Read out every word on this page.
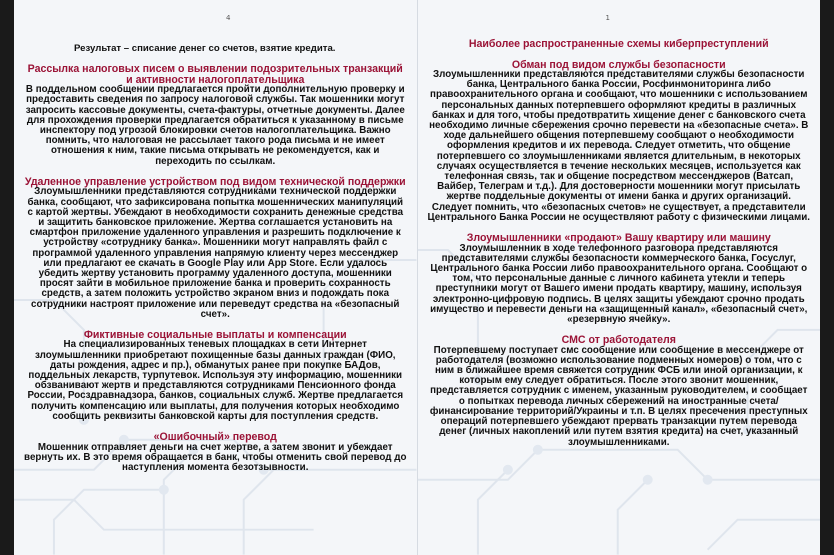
4

Результат – списание денег со счетов, взятие кредита.

Рассылка налоговых писем о выявлении подозрительных транзакций и активности налогоплательщика

В поддельном сообщении предлагается пройти дополнительную проверку и предоставить сведения по запросу налоговой службы. Так мошенники могут запросить кассовые документы, счета-фактуры, отчетные документы. Далее для прохождения проверки предлагается обратиться к указанному в письме инспектору под угрозой блокировки счетов налогоплательщика. Важно помнить, что налоговая не рассылает такого рода письма и не имеет отношения к ним, такие письма открывать не рекомендуется, как и переходить по ссылкам.

Удаленное управление устройством под видом технической поддержки

Злоумышленники представляются сотрудниками технической поддержки банка, сообщают, что зафиксирована попытка мошеннических манипуляций с картой жертвы. Убеждают в необходимости сохранить денежные средства и защитить банковское приложение. Жертва соглашается установить на смартфон приложение удаленного управления и разрешить подключение к устройству «сотруднику банка». Мошенники могут направлять файл с программой удаленного управления напрямую клиенту через мессенджер или предлагают ее скачать в Google Play или App Store. Если удалось убедить жертву установить программу удаленного доступа, мошенники просят зайти в мобильное приложение банка и проверить сохранность средств, а затем положить устройство экраном вниз и подождать пока сотрудники настроят приложение или переведут средства на «безопасный счет».

Фиктивные социальные выплаты и компенсации

На специализированных теневых площадках в сети Интернет злоумышленники приобретают похищенные базы данных граждан (ФИО, даты рождения, адрес и пр.), обманутых ранее при покупке БАДов, поддельных лекарств, турпутевок. Используя эту информацию, мошенники обзванивают жертв и представляются сотрудниками Пенсионного фонда России, Росздравнадзора, банков, социальных служб. Жертве предлагается получить компенсацию или выплаты, для получения которых необходимо сообщить реквизиты банковской карты для поступления средств.

«Ошибочный» перевод

Мошенник отправляет деньги на счет жертве, а затем звонит и убеждает вернуть их. В это время обращается в банк, чтобы отменить свой перевод до наступления момента безотзывности.

1
Наиболее распространенные схемы киберпреступлений
Обман под видом службы безопасности

Злоумышленники представляются представителями службы безопасности банка, Центрального банка России, Росфинмониторинга либо правоохранительного органа и сообщают, что мошенники с использованием персональных данных потерпевшего оформляют кредиты в различных банках и для того, чтобы предотвратить хищение денег с банковского счета необходимо личные сбережения срочно перевести на «безопасные счета». В ходе дальнейшего общения потерпевшему сообщают о необходимости оформления кредитов и их перевода. Следует отметить, что общение потерпевшего со злоумышленниками является длительным, в некоторых случаях осуществляется в течение нескольких месяцев, используется как телефонная связь, так и общение посредством мессенджеров (Ватсап, Вайбер, Телеграм и т.д.). Для достоверности мошенники могут присылать жертве поддельные документы от имени банка и других организаций. Следует помнить, что «безопасных счетов» не существует, а представители Центрального Банка России не осуществляют работу с физическими лицами.

Злоумышленники «продают» Вашу квартиру или машину

Злоумышленник в ходе телефонного разговора представляются представителями службы безопасности коммерческого банка, Госуслуг, Центрального банка России либо правоохранительного органа. Сообщают о том, что персональные данные с личного кабинета утекли и теперь преступники могут от Вашего имени продать квартиру, машину, используя электронно-цифровую подпись. В целях защиты убеждают срочно продать имущество и перевести деньги на «защищенный канал», «безопасный счет», «резервную ячейку».

СМС от работодателя

Потерпевшему поступает смс сообщение или сообщение в мессенджере от работодателя (возможно использование подменных номеров) о том, что с ним в ближайшее время свяжется сотрудник ФСБ или иной организации, к которым ему следует обратиться. После этого звонит мошенник, представляется сотрудник с именем, указанным руководителем, и сообщает о попытках перевода личных сбережений на иностранные счета/финансирование территорий/Украины и т.п. В целях пресечения преступных операций потерпевшего убеждают прервать транзакции путем перевода денег (личных накоплений или путем взятия кредита) на счет, указанный злоумышленниками.
